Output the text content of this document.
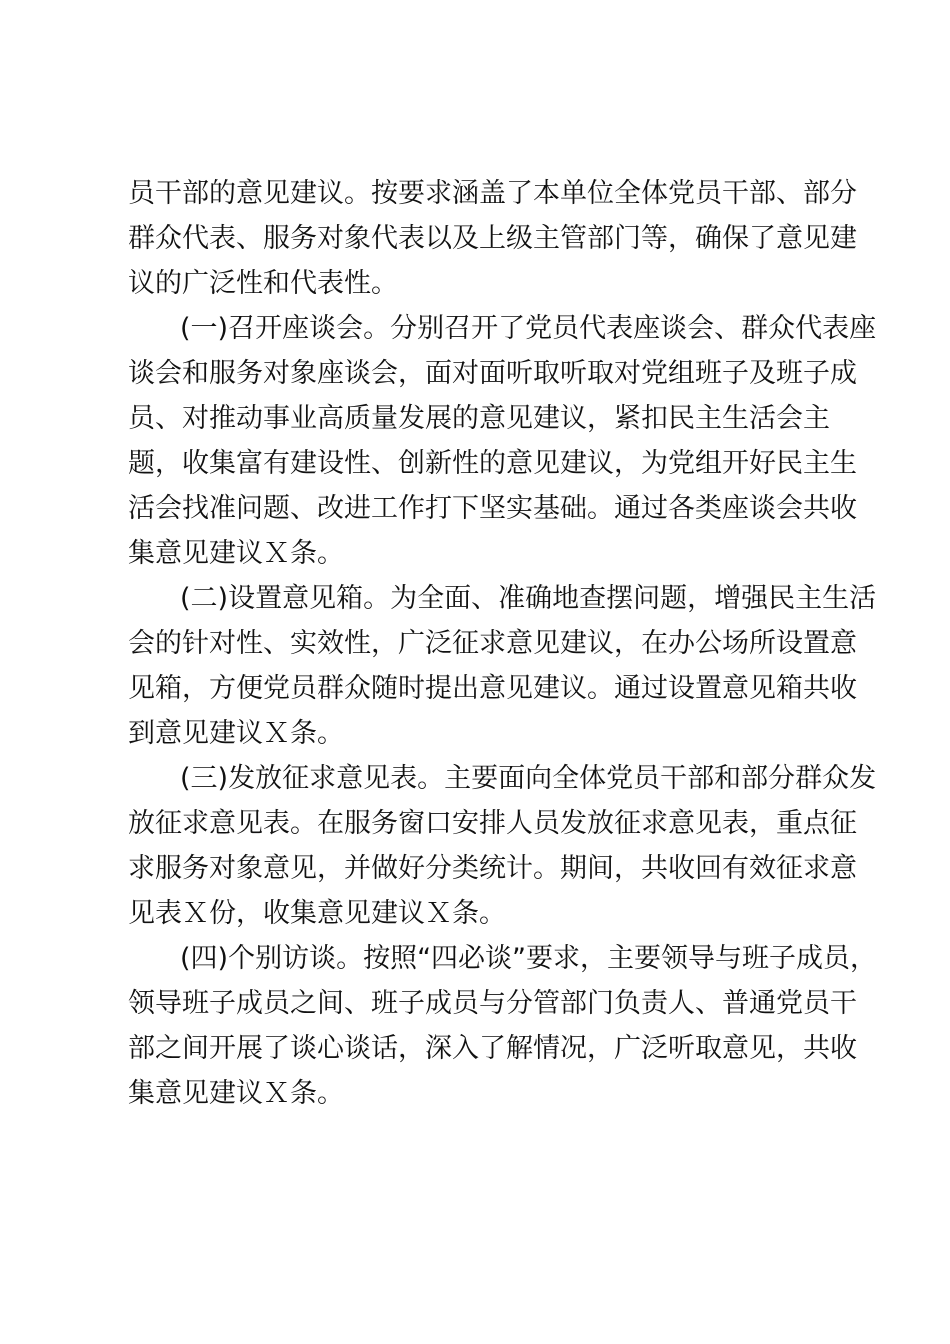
员干部的意见建议。按要求涵盖了本单位全体党员干部、部分
群众代表、服务对象代表以及上级主管部门等，确保了意见建
议的广泛性和代表性。
(一)召开座谈会。分别召开了党员代表座谈会、群众代表座
谈会和服务对象座谈会，面对面听取听取对党组班子及班子成
员、对推动事业高质量发展的意见建议，紧扣民主生活会主
题，收集富有建设性、创新性的意见建议，为党组开好民主生
活会找准问题、改进工作打下坚实基础。通过各类座谈会共收
集意见建议Ｘ条。
(二)设置意见箱。为全面、准确地查摆问题，增强民主生活
会的针对性、实效性，广泛征求意见建议，在办公场所设置意
见箱，方便党员群众随时提出意见建议。通过设置意见箱共收
到意见建议Ｘ条。
(三)发放征求意见表。主要面向全体党员干部和部分群众发
放征求意见表。在服务窗口安排人员发放征求意见表，重点征
求服务对象意见，并做好分类统计。期间，共收回有效征求意
见表Ｘ份，收集意见建议Ｘ条。
(四)个别访谈。按照“四必谈”要求，主要领导与班子成员，
领导班子成员之间、班子成员与分管部门负责人、普通党员干
部之间开展了谈心谈话，深入了解情况，广泛听取意见，共收
集意见建议Ｘ条。
